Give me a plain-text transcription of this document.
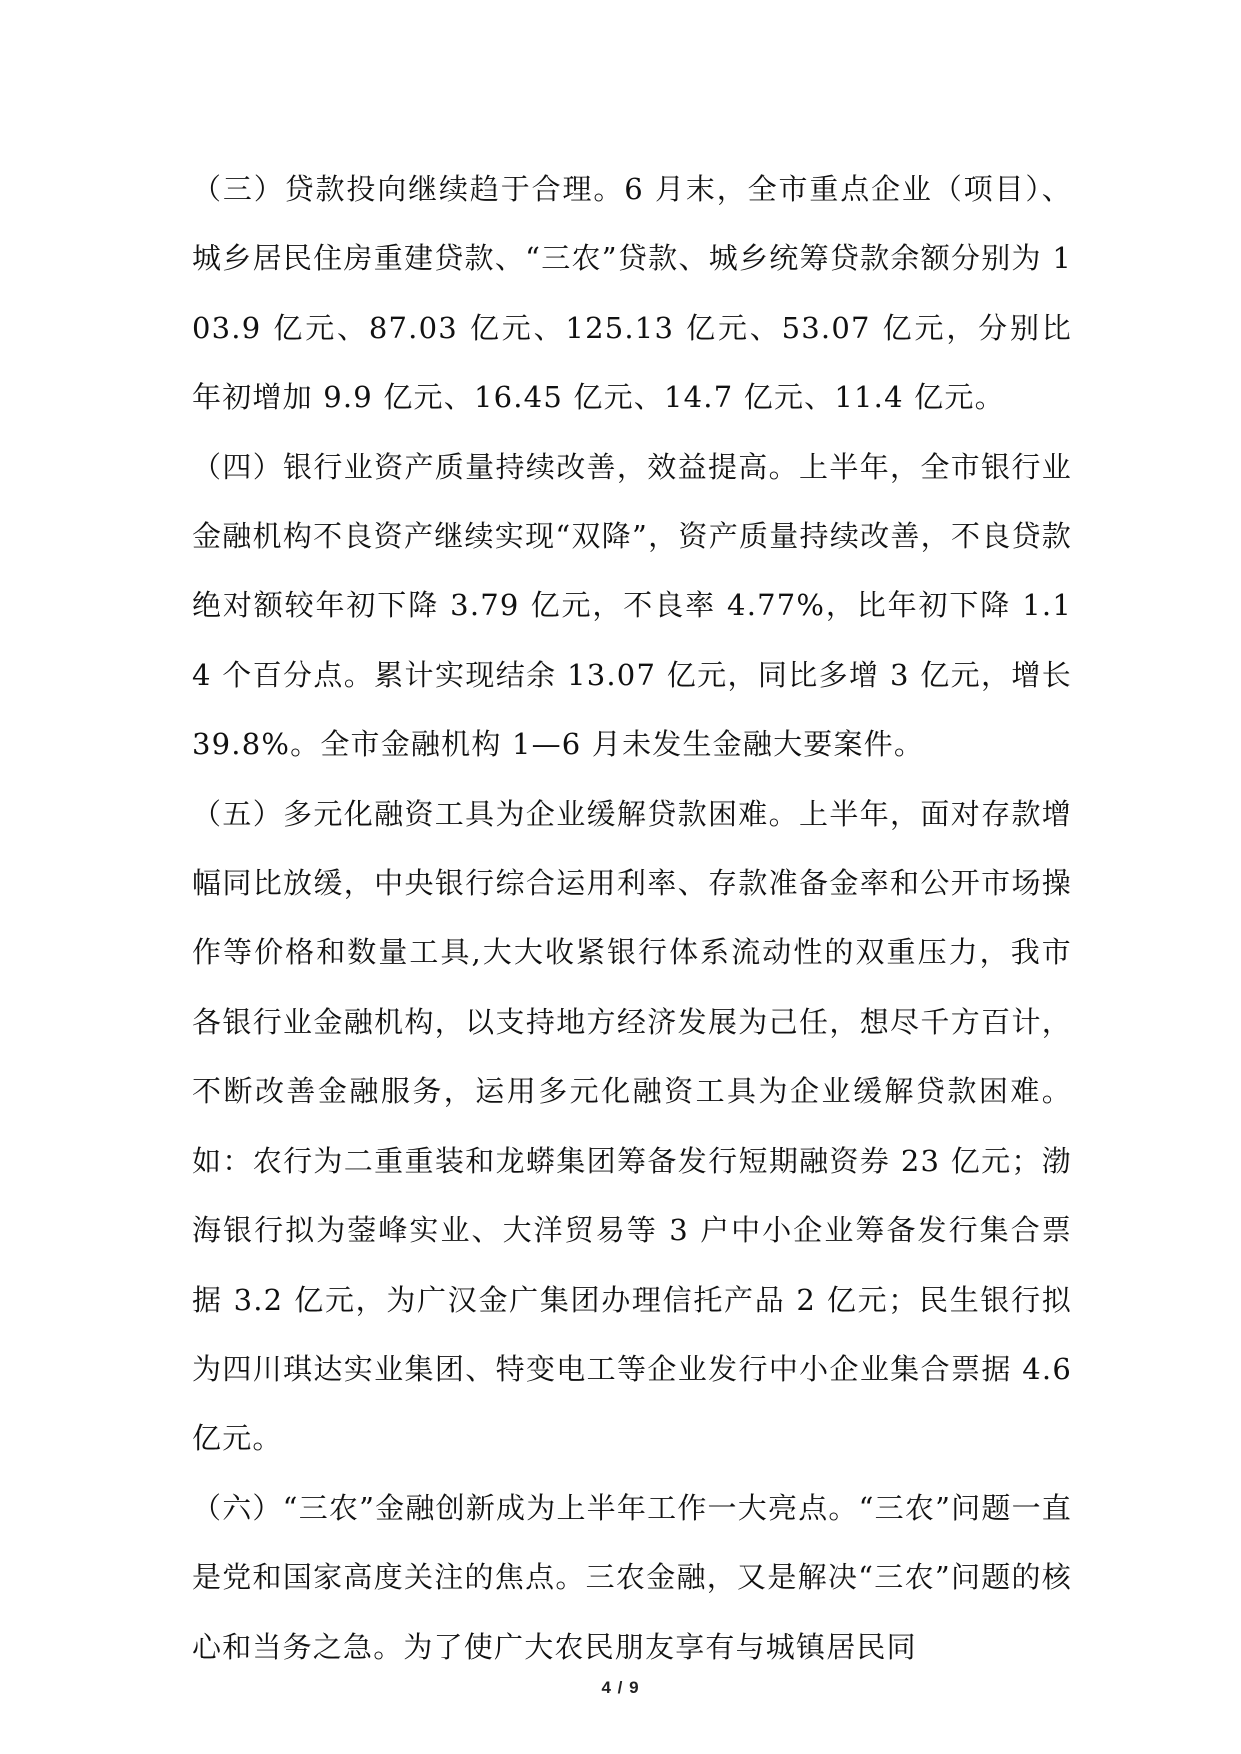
（三）贷款投向继续趋于合理。6 月末，全市重点企业（项目）、城乡居民住房重建贷款、“三农”贷款、城乡统筹贷款余额分别为 103.9 亿元、87.03 亿元、125.13 亿元、53.07 亿元，分别比年初增加 9.9 亿元、16.45 亿元、14.7 亿元、11.4 亿元。

（四）银行业资产质量持续改善，效益提高。上半年，全市银行业金融机构不良资产继续实现“双降”，资产质量持续改善，不良贷款绝对额较年初下降 3.79 亿元，不良率 4.77%，比年初下降 1.14 个百分点。累计实现结余 13.07 亿元，同比多增 3 亿元，增长 39.8%。全市金融机构 1—6 月未发生金融大要案件。

（五）多元化融资工具为企业缓解贷款困难。上半年，面对存款增幅同比放缓，中央银行综合运用利率、存款准备金率和公开市场操作等价格和数量工具,大大收紧银行体系流动性的双重压力，我市各银行业金融机构，以支持地方经济发展为己任，想尽千方百计，不断改善金融服务，运用多元化融资工具为企业缓解贷款困难。如：农行为二重重装和龙蟒集团筹备发行短期融资券 23 亿元；渤海银行拟为蓥峰实业、大洋贸易等 3 户中小企业筹备发行集合票据 3.2 亿元，为广汉金广集团办理信托产品 2 亿元；民生银行拟为四川琪达实业集团、特变电工等企业发行中小企业集合票据 4.6 亿元。

（六）“三农”金融创新成为上半年工作一大亮点。“三农”问题一直是党和国家高度关注的焦点。三农金融，又是解决“三农”问题的核心和当务之急。为了使广大农民朋友享有与城镇居民同

4 / 9
